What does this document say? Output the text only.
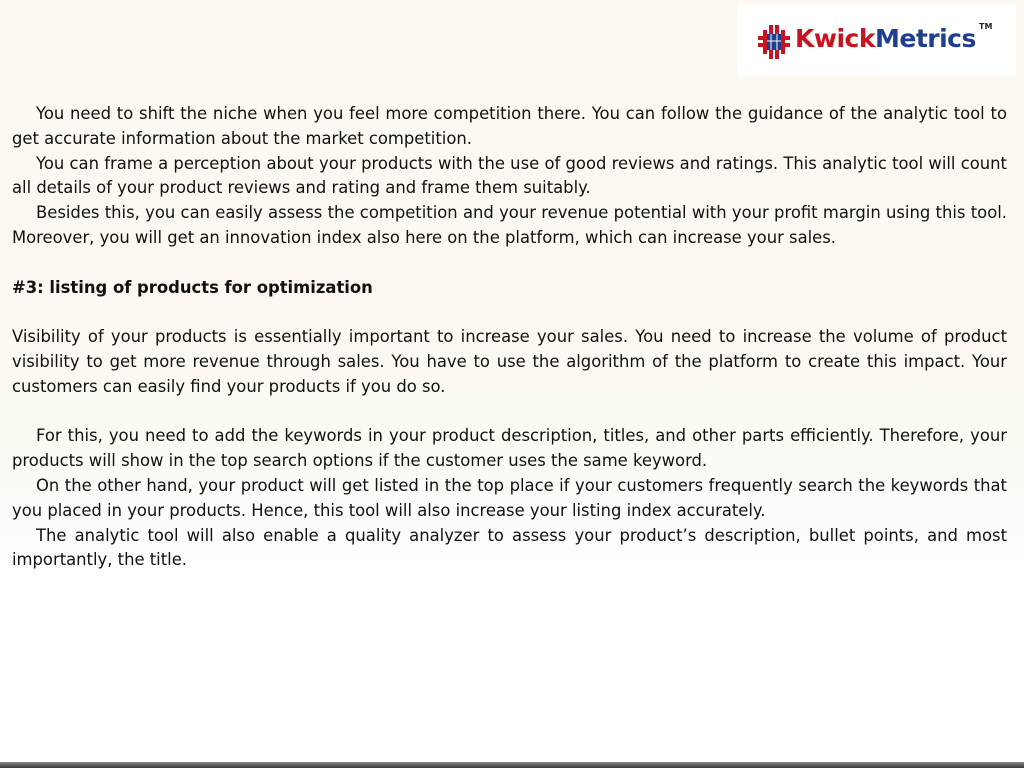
KwickMetrics TM

You need to shift the niche when you feel more competition there. You can follow the guidance of the analytic tool to get accurate information about the market competition.

You can frame a perception about your products with the use of good reviews and ratings. This analytic tool will count all details of your product reviews and rating and frame them suitably.

Besides this, you can easily assess the competition and your revenue potential with your profit margin using this tool. Moreover, you will get an innovation index also here on the platform, which can increase your sales.

#3: listing of products for optimization

Visibility of your products is essentially important to increase your sales. You need to increase the volume of product visibility to get more revenue through sales. You have to use the algorithm of the platform to create this impact. Your customers can easily find your products if you do so.

For this, you need to add the keywords in your product description, titles, and other parts efficiently. Therefore, your products will show in the top search options if the customer uses the same keyword.

On the other hand, your product will get listed in the top place if your customers frequently search the keywords that you placed in your products. Hence, this tool will also increase your listing index accurately.

The analytic tool will also enable a quality analyzer to assess your product’s description, bullet points, and most importantly, the title.
